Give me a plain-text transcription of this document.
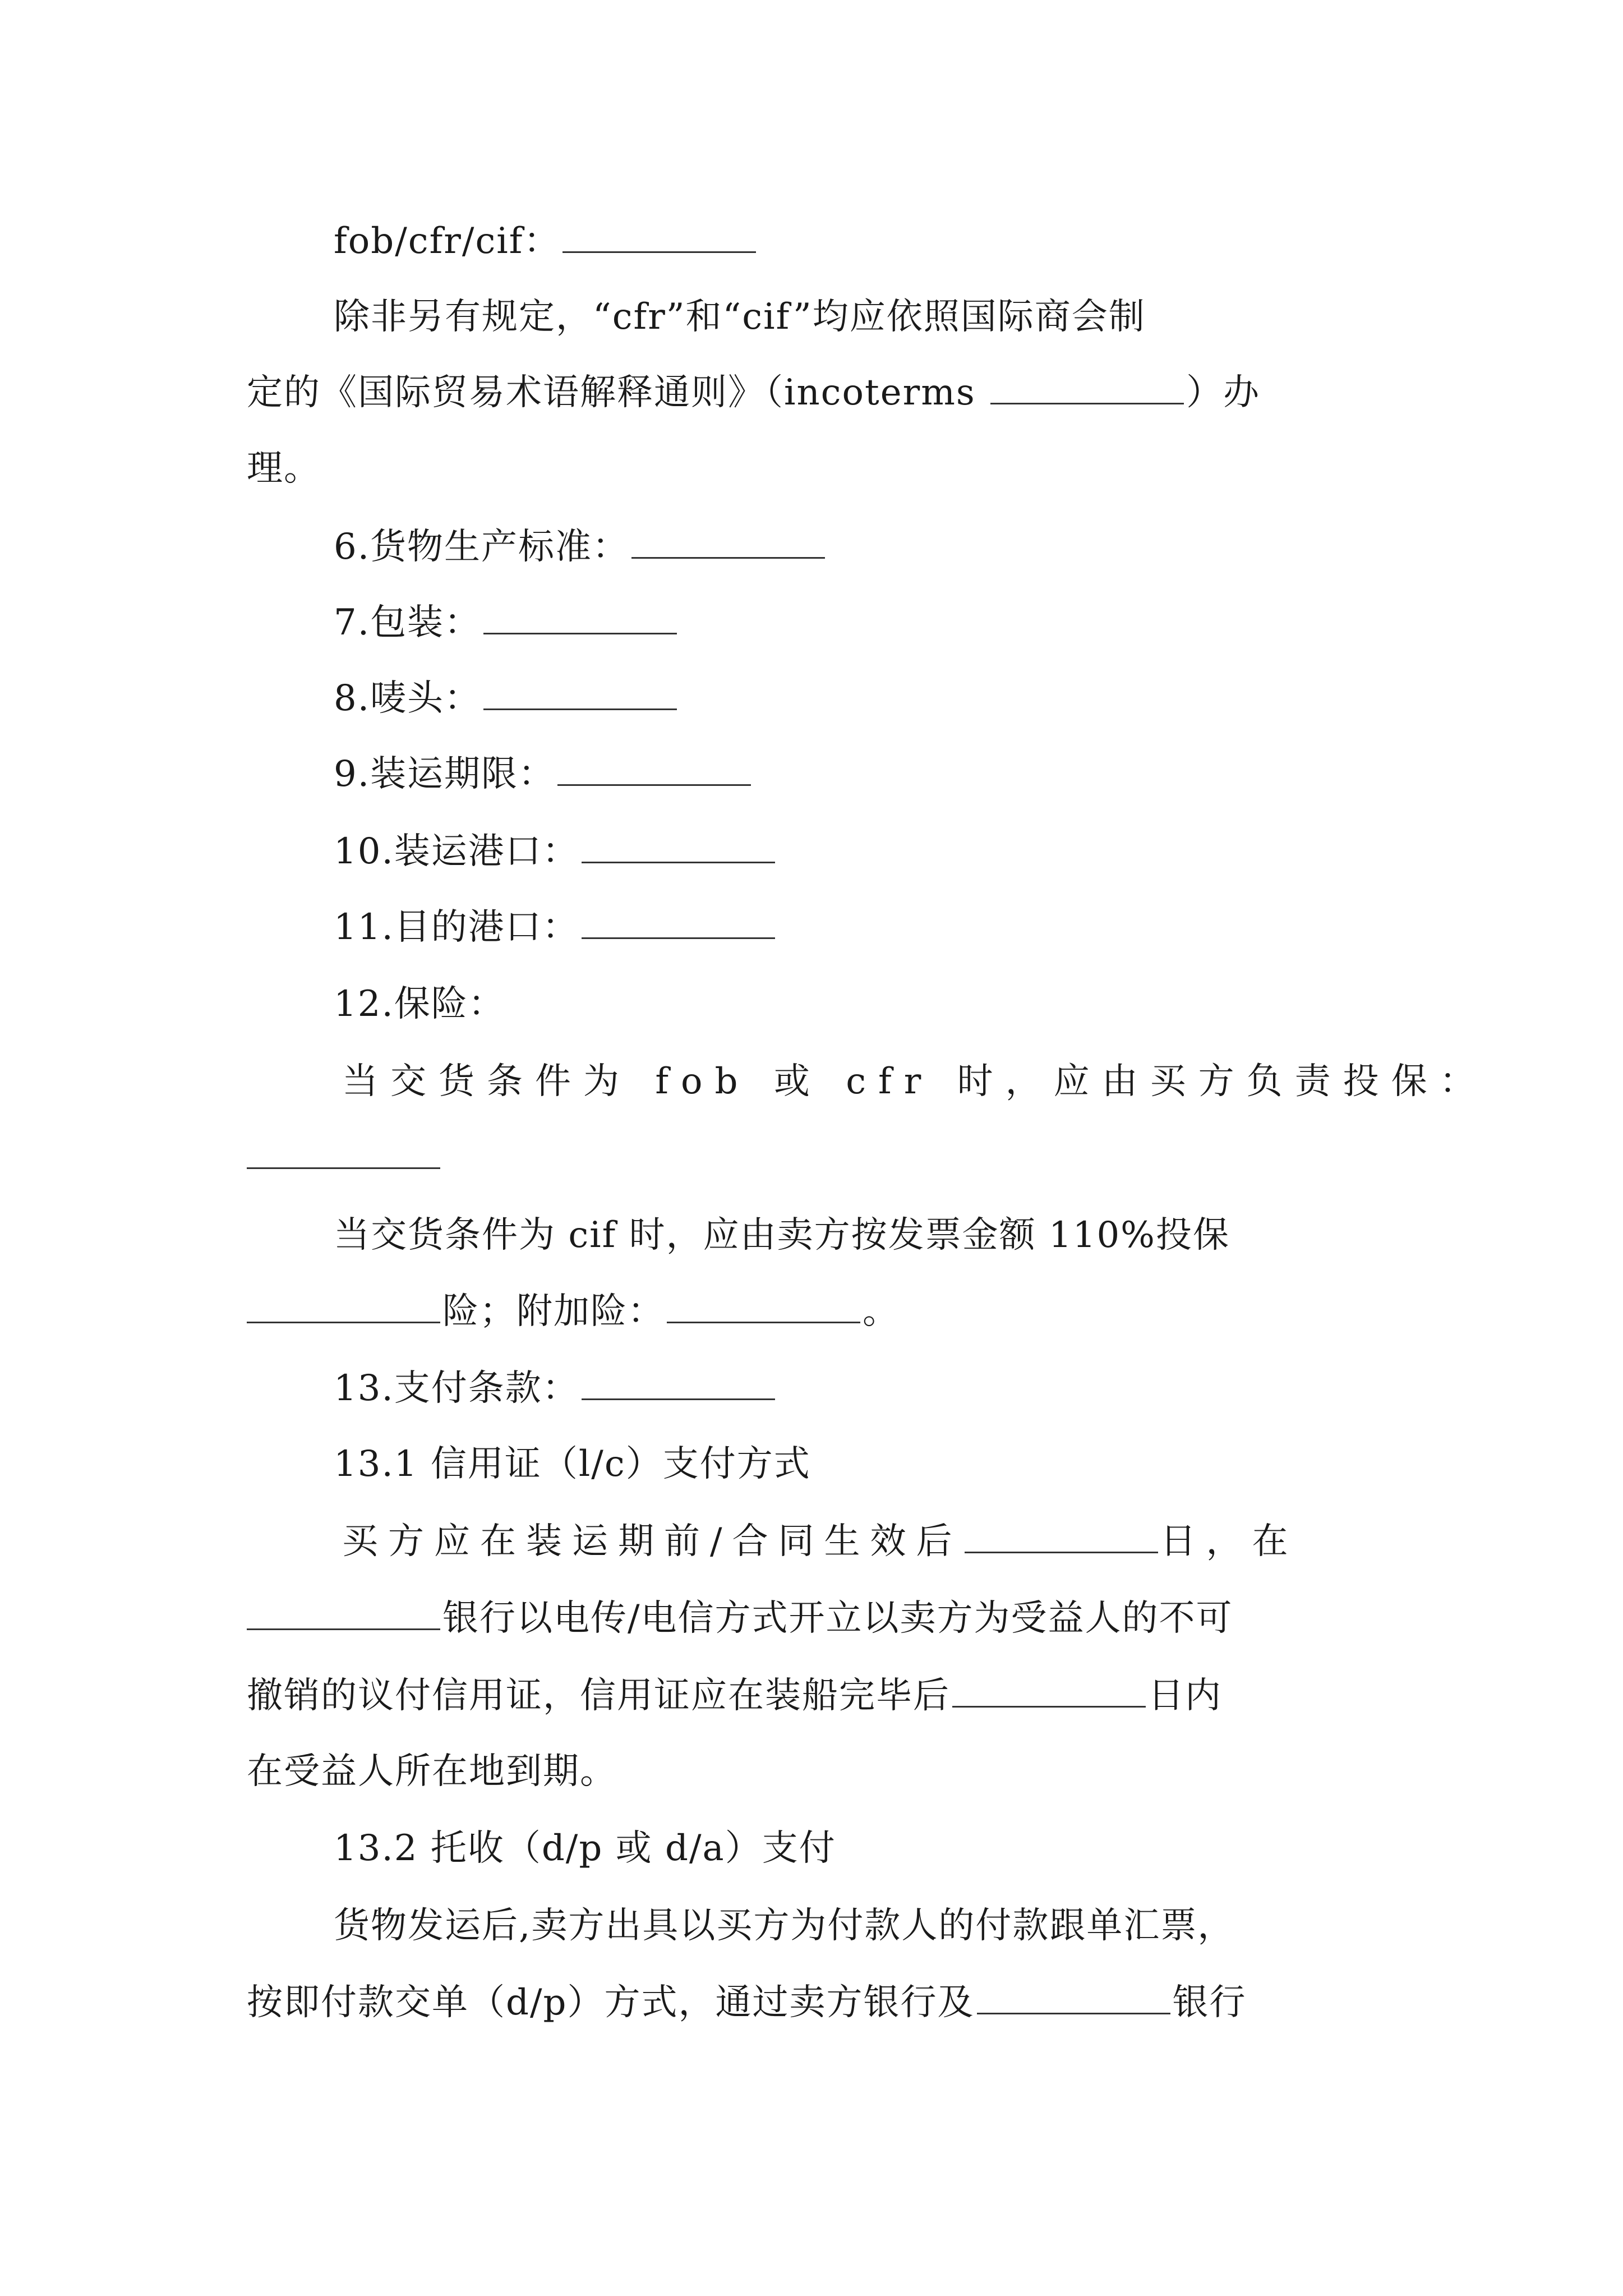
fob/cfr/cif：
除非另有规定，“cfr”和“cif”均应依照国际商会制
定的《国际贸易术语解释通则》（incoterms	）办
理。
6.货物生产标准：
7.包装：
8.唛头：
9.装运期限：
10.装运港口：
11.目的港口：
12.保险：
当交货条件为 fob 或 cfr 时，应由买方负责投保：
当交货条件为 cif 时，应由卖方按发票金额 110%投保
险；附加险：	。
13.支付条款：
13.1 信用证（l/c）支付方式
买方应在装运期前/合同生效后	日，在
银行以电传/电信方式开立以卖方为受益人的不可
撤销的议付信用证，信用证应在装船完毕后	日内
在受益人所在地到期。
13.2 托收（d/p 或 d/a）支付
货物发运后,卖方出具以买方为付款人的付款跟单汇票，
按即付款交单（d/p）方式，通过卖方银行及	银行
